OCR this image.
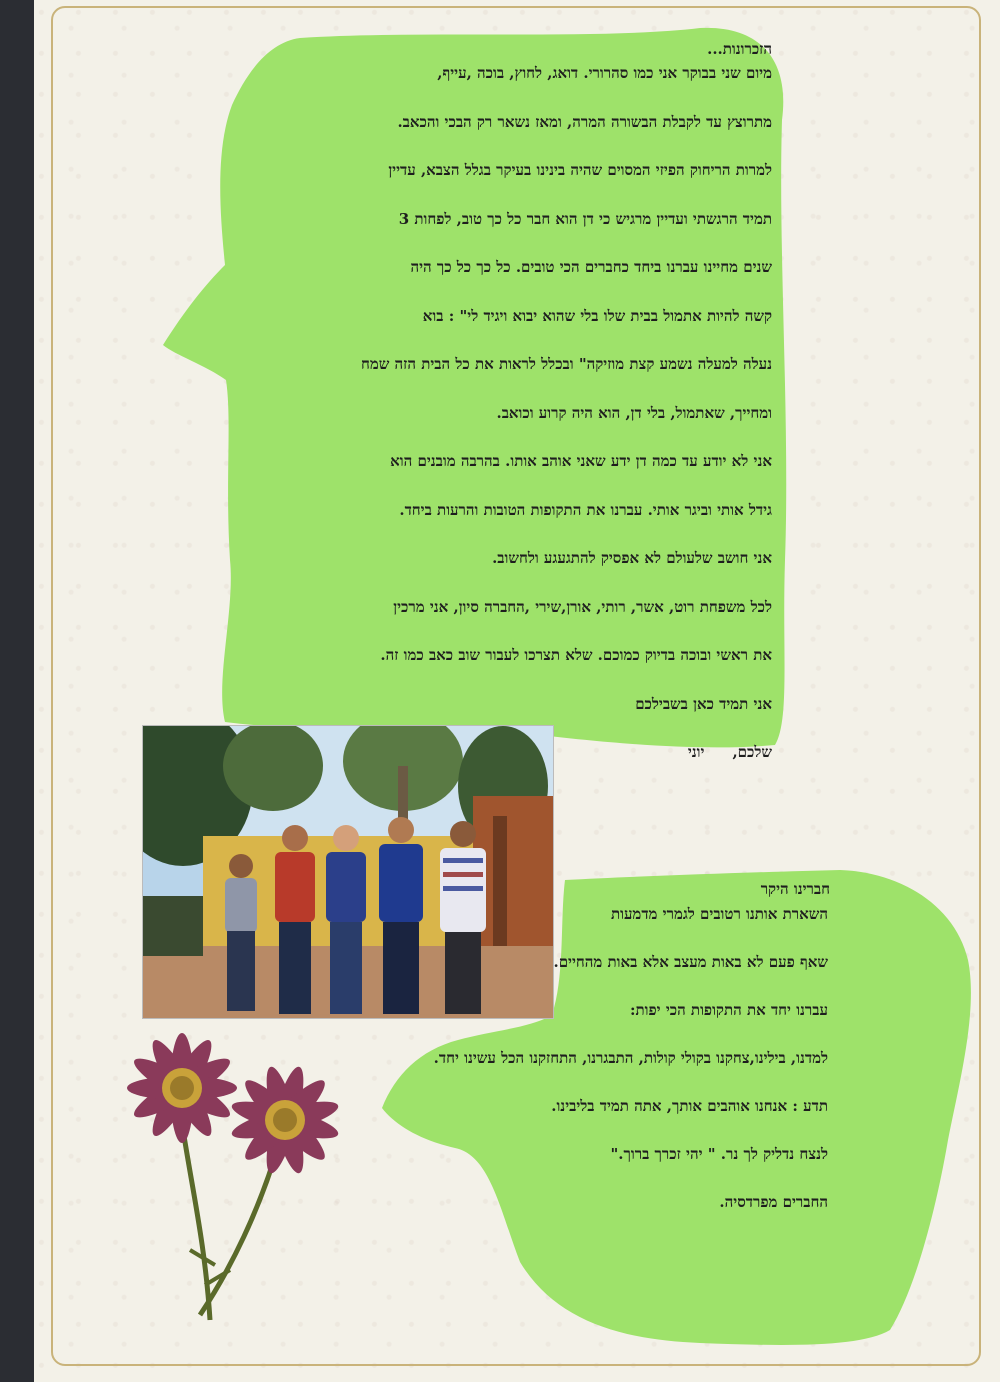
הזכרונות...
מיום שני בבוקר אני כמו סהרורי. דואג, לחוץ, בוכה ,עייף,
מתרוצץ עד לקבלת הבשורה המרה, ומאז נשאר רק הבכי והכאב.
למרות הריחוק הפיזי המסוים שהיה בינינו בעיקר בגלל הצבא, עדיין
תמיד הרגשתי ועדיין מרגיש כי דן הוא חבר כל כך טוב, לפחות 3
שנים מחיינו עברנו ביחד כחברים הכי טובים. כל כך כל כך היה
קשה להיות אתמול בבית שלו בלי שהוא יבוא ויגיד לי" : בוא
נעלה למעלה נשמע קצת מוזיקה" ובכלל לראות את כל הבית הזה שמח
ומחייך, שאתמול, בלי דן, הוא היה קרוע וכואב.
אני לא יודע עד כמה דן ידע שאני אוהב אותו. בהרבה מובנים הוא
גידל אותי וביגר אותי. עברנו את התקופות הטובות והרעות ביחד.
אני חושב שלעולם לא אפסיק להתגעגע ולחשוב.
לכל משפחת רוט, אשר, רותי, אורן,שירי ,החברה סיון, אני מרכין
את ראשי ובוכה בדיוק כמוכם. שלא תצרכו לעבור שוב כאב כמו זה.
אני תמיד כאן בשבילכם
שלכם,
יוני
חברינו היקר
השארת אותנו רטובים לגמרי מדמעות
שאף פעם לא באות מעצב אלא באות מהחיים.
עברנו יחד את התקופות הכי יפות:
למדנו, בילינו,צחקנו בקולי קולות, התבגרנו, התחזקנו הכל עשינו יחד.
תדע : אנחנו אוהבים אותך, אתה תמיד בליבינו.
לנצח נדליק לך נר. " יהי זכרך ברוך."
החברים מפרדסיה.
